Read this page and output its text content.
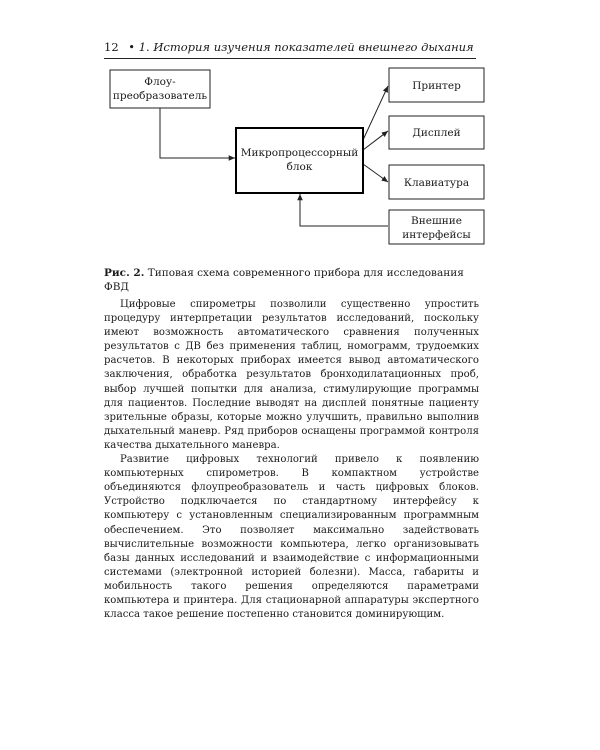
12 • 1. История изучения показателей внешнего дыхания
Флоу-
преобразователь
Микропроцессорный
блок
Принтер
Дисплей
Клавиатура
Внешние
интерфейсы
Рис. 2. Типовая схема современного прибора для исследования ФВД

Цифровые спирометры позволили существенно упростить процедуру интерпретации результатов исследований, поскольку имеют возможность автоматического сравнения полученных результатов с ДВ без применения таблиц, номограмм, трудоемких расчетов. В некоторых приборах имеется вывод автоматического заключения, обработка результатов бронходилатационных проб, выбор лучшей попытки для анализа, стимулирующие программы для пациентов. Последние выводят на дисплей понятные пациенту зрительные образы, которые можно улучшить, правильно выполнив дыхательный маневр. Ряд приборов оснащены программой контроля качества дыхательного маневра.

Развитие цифровых технологий привело к появлению компьютерных спирометров. В компактном устройстве объединяются флоупреобразователь и часть цифровых блоков. Устройство подключается по стандартному интерфейсу к компьютеру с установленным специализированным программным обеспечением. Это позволяет максимально задействовать вычислительные возможности компьютера, легко организовывать базы данных исследований и взаимодействие с информационными системами (электронной историей болезни). Масса, габариты и мобильность такого решения определяются параметрами компьютера и принтера. Для стационарной аппаратуры экспертного класса такое решение постепенно становится доминирующим.
